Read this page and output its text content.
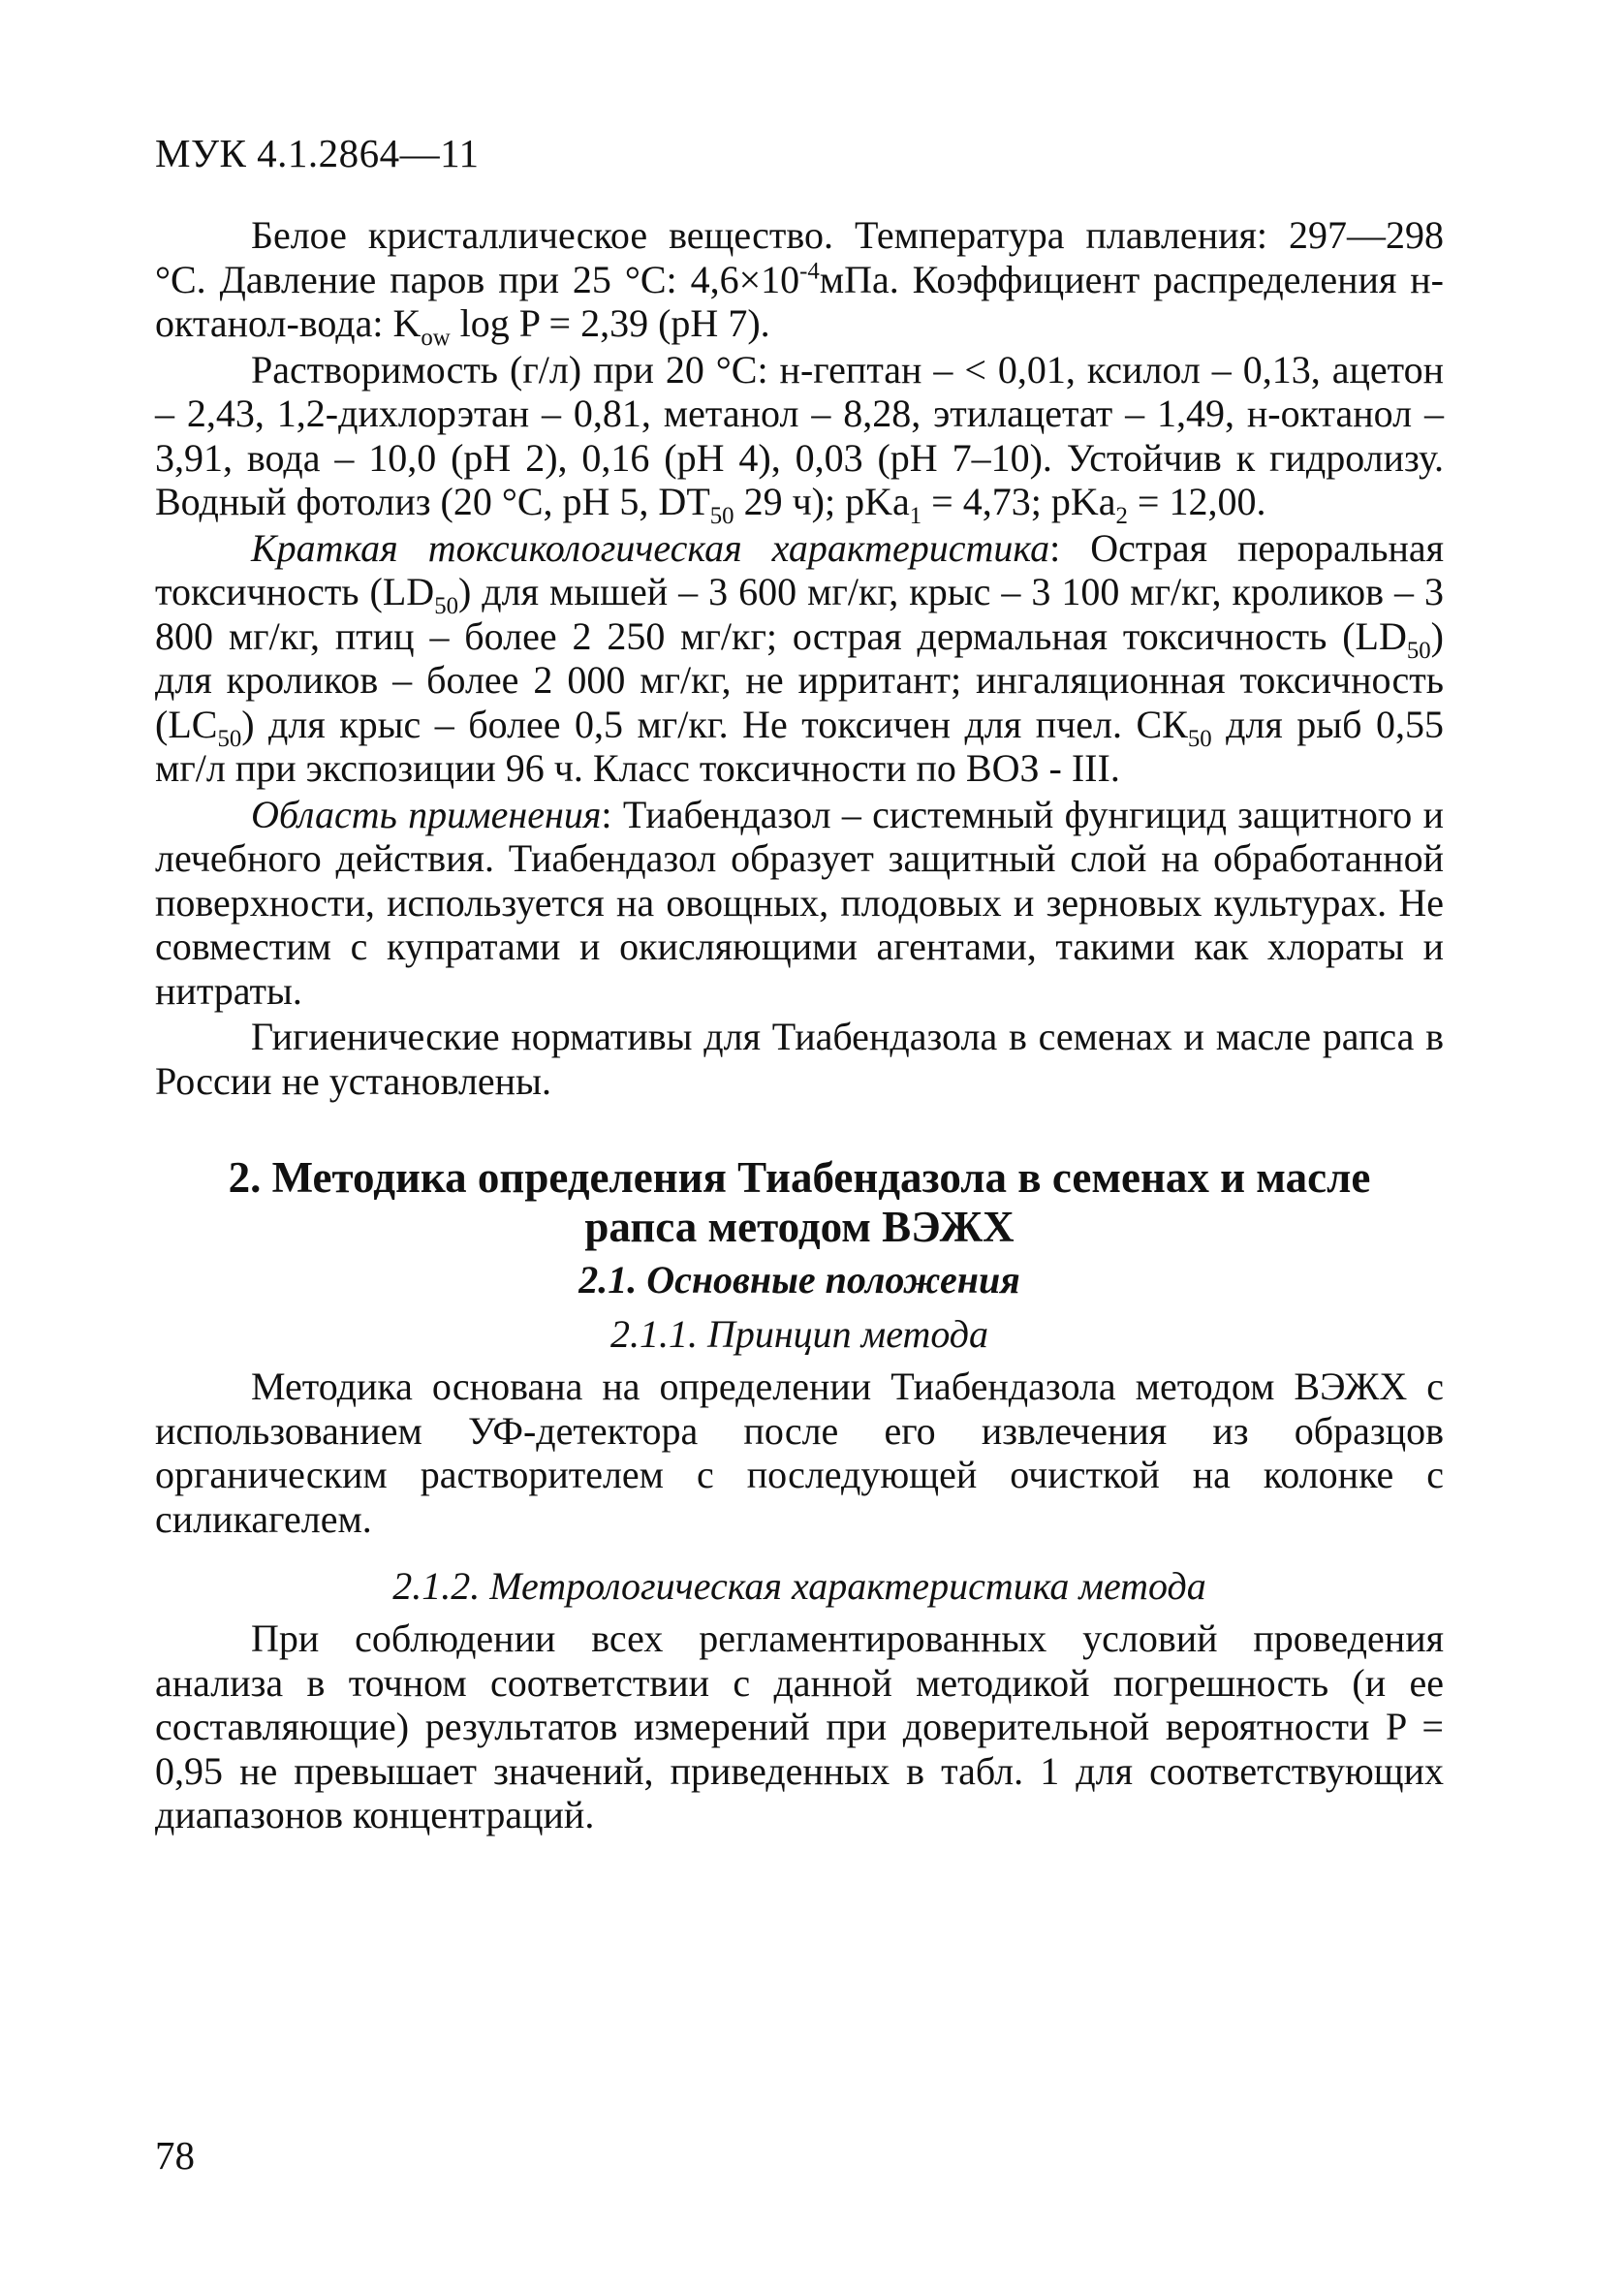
МУК 4.1.2864—11

Белое кристаллическое вещество. Температура плавления: 297—298 °С. Давление паров при 25 °С: $4,6\times 10^{-4}мПа$. Коэффициент распределения н-октанол-вода: $K_{ow}$ log P = 2,39 (рН 7).

Растворимость (г/л) при 20 °С: н-гептан – < 0,01, ксилол – 0,13, ацетон – 2,43, 1,2-дихлорэтан – 0,81, метанол – 8,28, этилацетат – 1,49, н-октанол – 3,91, вода – 10,0 (рН 2), 0,16 (рН 4), 0,03 (рН 7–10). Устойчив к гидролизу. Водный фотолиз (20 °С, рН 5, $DT_{50}$ 29 ч); pKa$_1$ = 4,73; pKa$_2$ = 12,00.

Краткая токсикологическая характеристика: Острая пероральная токсичность $(LD_{50})$ для мышей – 3 600 мг/кг, крыс – 3 100 мг/кг, кроликов – 3 800 мг/кг, птиц – более 2 250 мг/кг; острая дермальная токсичность $(LD_{50})$ для кроликов – более 2 000 мг/кг, не ирритант; ингаляционная токсичность $(LC_{50})$ для крыс – более 0,5 мг/кг. Не токсичен для пчел. $СК_{50}$ для рыб 0,55 мг/л при экспозиции 96 ч. Класс токсичности по ВОЗ - III.

Область применения: Тиабендазол – системный фунгицид защитного и лечебного действия. Тиабендазол образует защитный слой на обработанной поверхности, используется на овощных, плодовых и зерновых культурах. Не совместим с купратами и окисляющими агентами, такими как хлораты и нитраты.

Гигиенические нормативы для Тиабендазола в семенах и масле рапса в России не установлены.

2. Методика определения Тиабендазола в семенах и масле
рапса методом ВЭЖХ
2.1. Основные положения
2.1.1. Принцип метода

Методика основана на определении Тиабендазола методом ВЭЖХ с использованием УФ-детектора после его извлечения из образцов органическим растворителем с последующей очисткой на колонке с силикагелем.

2.1.2. Метрологическая характеристика метода

При соблюдении всех регламентированных условий проведения анализа в точном соответствии с данной методикой погрешность (и ее составляющие) результатов измерений при доверительной вероятности P = 0,95 не превышает значений, приведенных в табл. 1 для соответствующих диапазонов концентраций.

78
